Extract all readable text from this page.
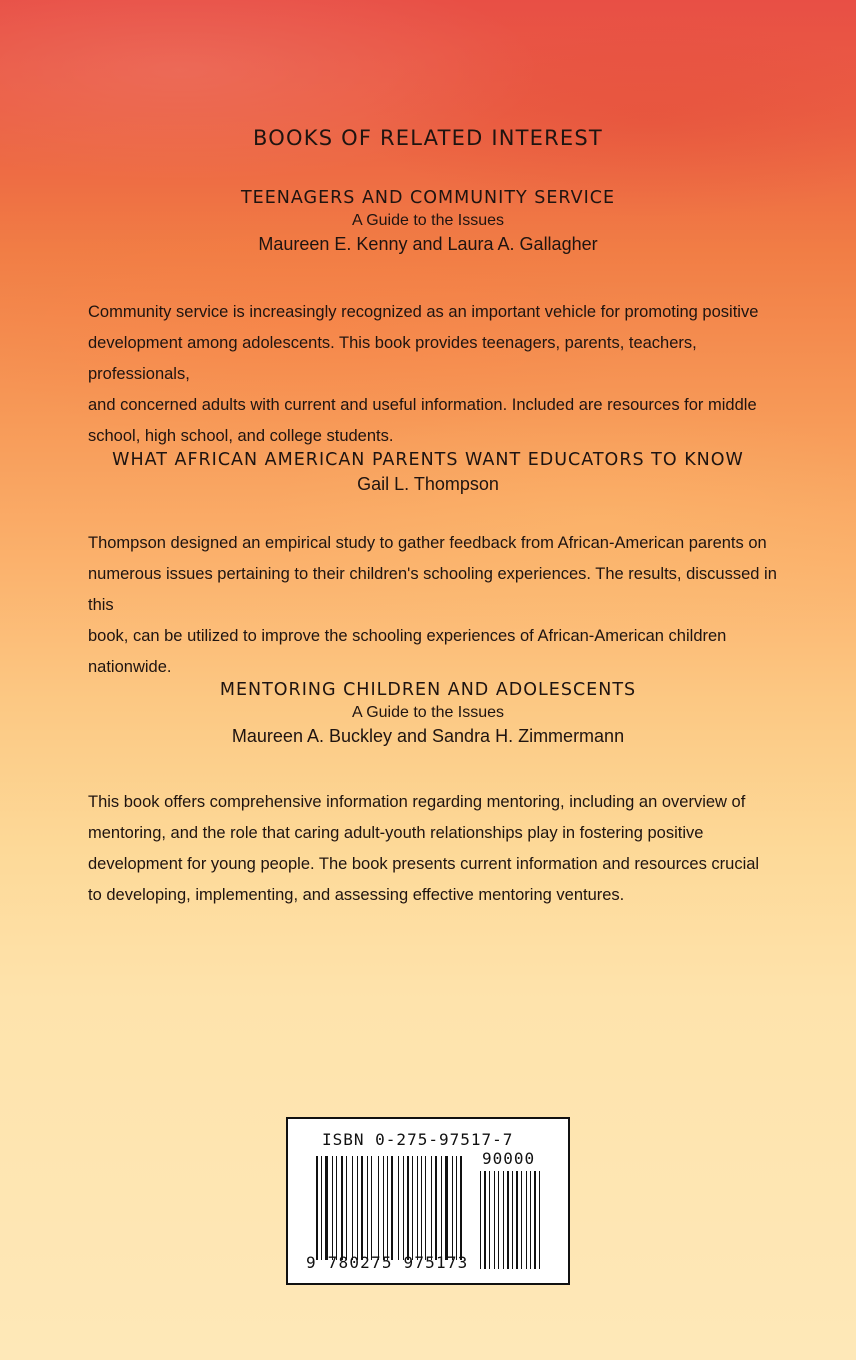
BOOKS OF RELATED INTEREST
TEENAGERS AND COMMUNITY SERVICE
A Guide to the Issues
Maureen E. Kenny and Laura A. Gallagher
Community service is increasingly recognized as an important vehicle for promoting positive
development among adolescents. This book provides teenagers, parents, teachers, professionals,
and concerned adults with current and useful information. Included are resources for middle
school, high school, and college students.
WHAT AFRICAN AMERICAN PARENTS WANT EDUCATORS TO KNOW
Gail L. Thompson
Thompson designed an empirical study to gather feedback from African-American parents on
numerous issues pertaining to their children's schooling experiences. The results, discussed in this
book, can be utilized to improve the schooling experiences of African-American children
nationwide.
MENTORING CHILDREN AND ADOLESCENTS
A Guide to the Issues
Maureen A. Buckley and Sandra H. Zimmermann
This book offers comprehensive information regarding mentoring, including an overview of
mentoring, and the role that caring adult-youth relationships play in fostering positive
development for young people. The book presents current information and resources crucial
to developing, implementing, and assessing effective mentoring ventures.
ISBN 0-275-97517-7
90000
9 780275 975173
